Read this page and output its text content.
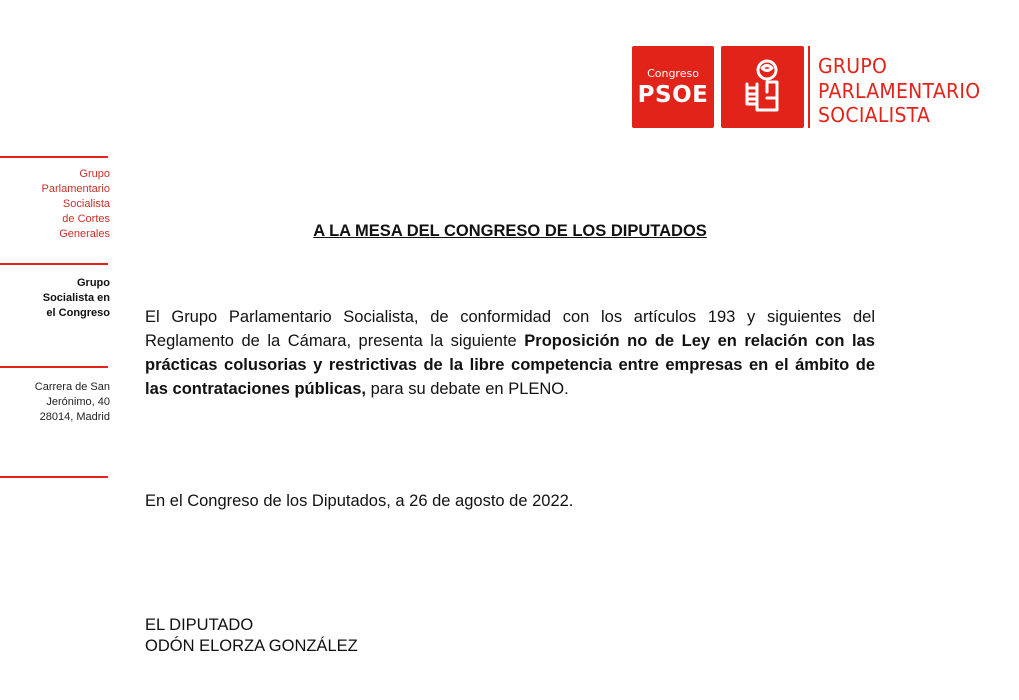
Congreso
PSOE
GRUPO
PARLAMENTARIO
SOCIALISTA
Grupo
Parlamentario
Socialista
de Cortes
Generales
Grupo
Socialista en
el Congreso
Carrera de San
Jerónimo, 40
28014, Madrid
A LA MESA DEL CONGRESO DE LOS DIPUTADOS
El Grupo Parlamentario Socialista, de conformidad con los artículos 193 y siguientes del Reglamento de la Cámara, presenta la siguiente Proposición no de Ley en relación con las prácticas colusorias y restrictivas de la libre competencia entre empresas en el ámbito de las contrataciones públicas, para su debate en PLENO.
En el Congreso de los Diputados, a 26 de agosto de 2022.
EL DIPUTADO
ODÓN ELORZA GONZÁLEZ
